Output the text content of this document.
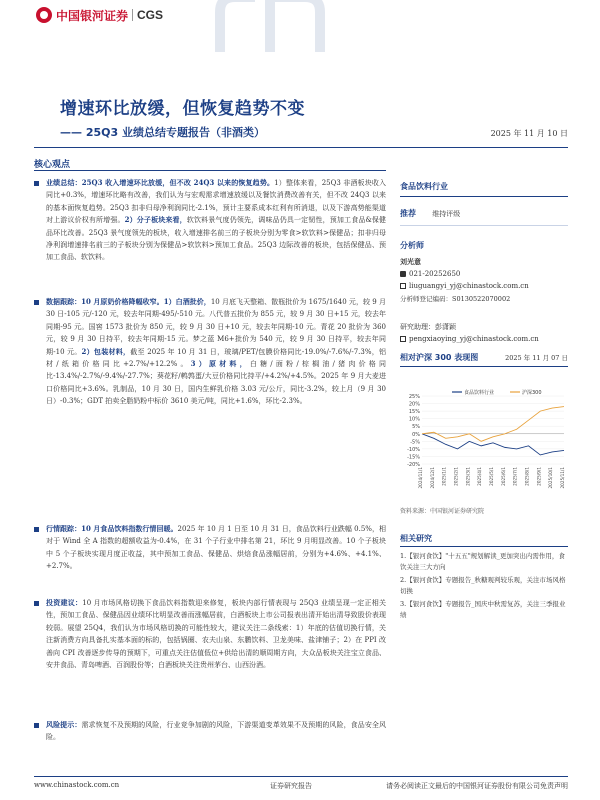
中国银河证券 CGS
增速环比放缓，但恢复趋势不变
—— 25Q3 业绩总结专题报告（非酒类）	2025 年 11 月 10 日
核心观点
业绩总结：25Q3 收入增速环比放缓，但不改 24Q3 以来的恢复趋势。1）整体来看，25Q3 非酒板块收入同比+0.3%，增速环比略有改善，我们认为与宏观需求增速放缓以及餐饮消费改善有关，但不改 24Q3 以来的基本面恢复趋势。25Q3 扣非归母净利润同比-2.1%，预计主要系成本红利有所消退，以及下游高势能渠道对上游议价权有所增强。2）分子板块来看，软饮料景气度仍领先，调味品仍具一定韧性，预加工食品&保健品环比改善。25Q3 景气度领先的板块，收入增速排名前三的子板块分别为零食>软饮料>保健品；扣非归母净利润增速排名前三的子板块分别为保健品>软饮料>预加工食品。25Q3 边际改善的板块，包括保健品、预加工食品、软饮料。
数据跟踪：10 月原奶价格降幅收窄。1）白酒批价，10 月底飞天整箱、散瓶批价为 1675/1640 元，较 9 月 30 日-105 元/-120 元，较去年同期-495/-510 元。八代普五批价为 855 元，较 9 月 30 日+15 元，较去年同期-95 元。国窖 1573 批价为 850 元，较 9 月 30 日+10 元，较去年同期-10 元。青花 20 批价为 360 元，较 9 月 30 日持平，较去年同期-15 元。梦之蓝 M6+批价为 540 元，较 9 月 30 日持平，较去年同期-10 元。2）包装材料，截至 2025 年 10 月 31 日，玻璃/PET/包膜价格同比-19.0%/-7.6%/-7.3%，铝材/纸箱价格同比+2.7%/+12.2%。3）原材料，白糖/面粉/棕榈油/猪肉价格同比-13.4%/-2.7%/-9.4%/-27.7%；葵花籽/鹌鹑蛋/大豆价格同比持平/+4.2%/+4.5%。2025 年 9 月大麦进口价格同比+3.6%。乳制品，10 月 30 日，国内生鲜乳价格 3.03 元/公斤，同比-3.2%，较上月（9 月 30 日）-0.3%；GDT 拍卖全脂奶粉中标价 3610 美元/吨，同比+1.6%，环比-2.3%。
行情跟踪：10 月食品饮料指数行情回暖。2025 年 10 月 1 日至 10 月 31 日，食品饮料行业跌幅 0.5%，相对于 Wind 全 A 指数的超额收益为-0.4%，在 31 个子行业中排名第 21，环比 9 月明显改善。10 个子板块中 5 个子板块实现月度正收益，其中预加工食品、保健品、烘焙食品涨幅居前，分别为+4.6%、+4.1%、+2.7%。
投资建议：10 月市场风格切换下食品饮料指数迎来修复，板块内部行情表现与 25Q3 业绩呈现一定正相关性，预加工食品、保健品因业绩环比明显改善而涨幅居前，白酒板块上市公司报表出清开始出清导致股价表现较弱。展望 25Q4，我们认为市场风格切换的可能性较大，建议关注二条线索：1）年底的估值切换行情，关注新消费方向具备扎实基本面的标的，包括锅圈、农夫山泉、东鹏饮料、卫龙美味、盐津铺子；2）在 PPI 改善向 CPI 改善逐步传导的预期下，可重点关注估值低位+供给出清的顺周期方向，大众品板块关注宝立食品、安井食品、青岛啤酒、百润股份等；白酒板块关注贵州茅台、山西汾酒。
风险提示：需求恢复不及预期的风险，行业竞争加剧的风险，下游渠道变革效果不及预期的风险，食品安全风险。
食品饮料行业
推荐 维持评级
分析师
刘光意
021-20252650
liuguangyi_yj@chinastock.com.cn
分析师登记编码：S0130522070002
研究助理：彭潇颖
pengxiaoying_yj@chinastock.com.cn
相对沪深 300 表现图	2025 年 11 月 07 日
25%
20%
15%
10%
5%
0%
-5%
-10%
-15%
-20%
2024/11/1 2024/12/1 2025/1/1 2025/2/1 2025/3/1 2025/4/1 2025/5/1 2025/6/1 2025/7/1 2025/8/1 2025/9/1 2025/10/1 2025/11/1
食品饮料行业	沪深300
资料来源：中国银河证券研究院
相关研究
1.【银河食饮】"十五五"规划解读_更加突出内需作用，食饮关注三大方向
2.【银河食饮】专题报告_秋糖观判较乐观，关注市场风格切换
3.【银河食饮】专题报告_国庆中秋需复苏，关注三季报业绩
www.chinastock.com.cn	证券研究报告	请务必阅读正文最后的中国银河证券股份有限公司免责声明
